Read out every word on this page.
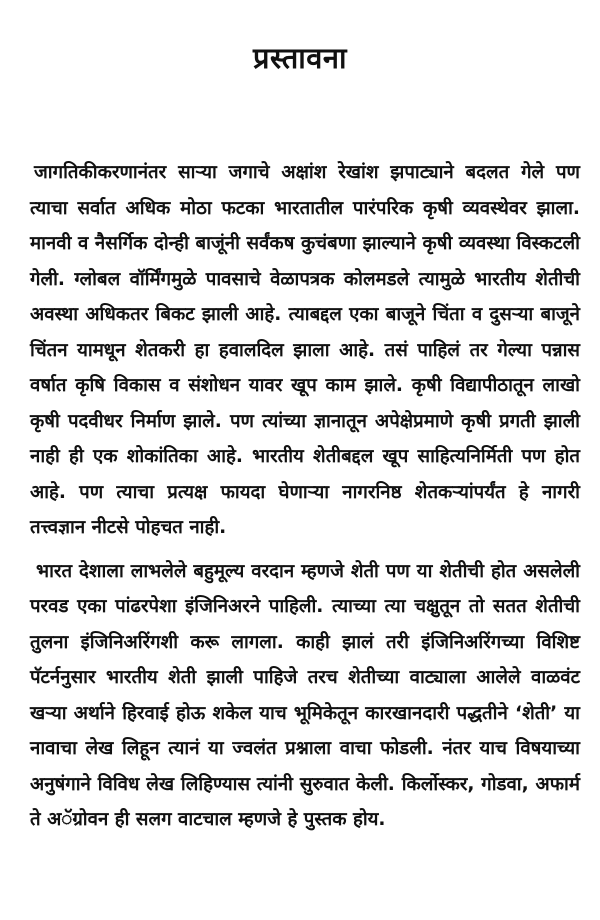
प्रस्तावना

जागतिकीकरणानंतर साऱ्या जगाचे अक्षांश रेखांश झपाट्याने बदलत गेले पण त्याचा सर्वात अधिक मोठा फटका भारतातील पारंपरिक कृषी व्यवस्थेवर झाला. मानवी व नैसर्गिक दोन्ही बाजूंनी सर्वंकष कुचंबणा झाल्याने कृषी व्यवस्था विस्कटली गेली. ग्लोबल वॉर्मिंगमुळे पावसाचे वेळापत्रक कोलमडले त्यामुळे भारतीय शेतीची अवस्था अधिकतर बिकट झाली आहे. त्याबद्दल एका बाजूने चिंता व दुसऱ्या बाजूने चिंतन यामधून शेतकरी हा हवालदिल झाला आहे. तसं पाहिलं तर गेल्या पन्नास वर्षात कृषि विकास व संशोधन यावर खूप काम झाले. कृषी विद्यापीठातून लाखो कृषी पदवीधर निर्माण झाले. पण त्यांच्या ज्ञानातून अपेक्षेप्रमाणे कृषी प्रगती झाली नाही ही एक शोकांतिका आहे. भारतीय शेतीबद्दल खूप साहित्यनिर्मिती पण होत आहे. पण त्याचा प्रत्यक्ष फायदा घेणाऱ्या नागरनिष्ठ शेतकऱ्यांपर्यंत हे नागरी तत्त्वज्ञान नीटसे पोहचत नाही.

भारत देशाला लाभलेले बहुमूल्य वरदान म्हणजे शेती पण या शेतीची होत असलेली परवड एका पांढरपेशा इंजिनिअरने पाहिली. त्याच्या त्या चक्षुतून तो सतत शेतीची तुलना इंजिनिअरिंगशी करू लागला. काही झालं तरी इंजिनिअरिंगच्या विशिष्ट पॅटर्ननुसार भारतीय शेती झाली पाहिजे तरच शेतीच्या वाट्याला आलेले वाळवंट खऱ्या अर्थाने हिरवाई होऊ शकेल याच भूमिकेतून कारखानदारी पद्धतीने ‘शेती’ या नावाचा लेख लिहून त्यानं या ज्वलंत प्रश्नाला वाचा फोडली. नंतर याच विषयाच्या अनुषंगाने विविध लेख लिहिण्यास त्यांनी सुरुवात केली. किर्लोस्कर, गोडवा, अफार्म ते अॅग्रोवन ही सलग वाटचाल म्हणजे हे पुस्तक होय.
